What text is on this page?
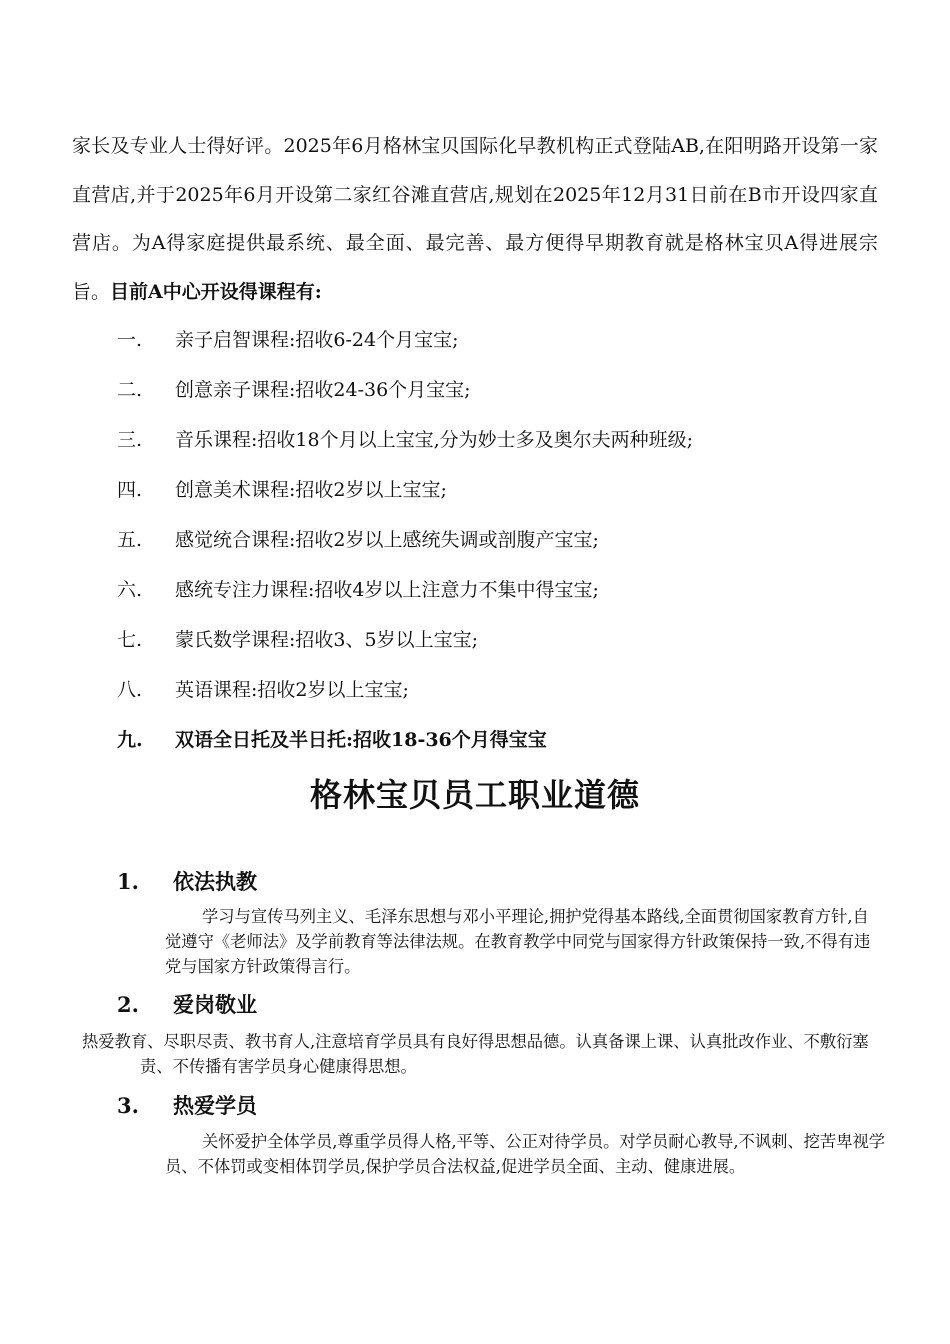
家长及专业人士得好评。2025年6月格林宝贝国际化早教机构正式登陆AB,在阳明路开设第一家直营店,并于2025年6月开设第二家红谷滩直营店,规划在2025年12月31日前在B市开设四家直营店。为A得家庭提供最系统、最全面、最完善、最方便得早期教育就是格林宝贝A得进展宗旨。目前A中心开设得课程有:

一.	亲子启智课程:招收6-24个月宝宝;
二.	创意亲子课程:招收24-36个月宝宝;
三.	音乐课程:招收18个月以上宝宝,分为妙士多及奥尔夫两种班级;
四.	创意美术课程:招收2岁以上宝宝;
五.	感觉统合课程:招收2岁以上感统失调或剖腹产宝宝;
六.	感统专注力课程:招收4岁以上注意力不集中得宝宝;
七.	蒙氏数学课程:招收3、5岁以上宝宝;
八.	英语课程:招收2岁以上宝宝;
九.	双语全日托及半日托:招收18-36个月得宝宝
格林宝贝员工职业道德
1. 依法执教

学习与宣传马列主义、毛泽东思想与邓小平理论,拥护党得基本路线,全面贯彻国家教育方针,自觉遵守《老师法》及学前教育等法律法规。在教育教学中同党与国家得方针政策保持一致,不得有违党与国家方针政策得言行。

2. 爱岗敬业

热爱教育、尽职尽责、教书育人,注意培育学员具有良好得思想品德。认真备课上课、认真批改作业、不敷衍塞责、不传播有害学员身心健康得思想。

3. 热爱学员

关怀爱护全体学员,尊重学员得人格,平等、公正对待学员。对学员耐心教导,不讽刺、挖苦卑视学员、不体罚或变相体罚学员,保护学员合法权益,促进学员全面、主动、健康进展。
